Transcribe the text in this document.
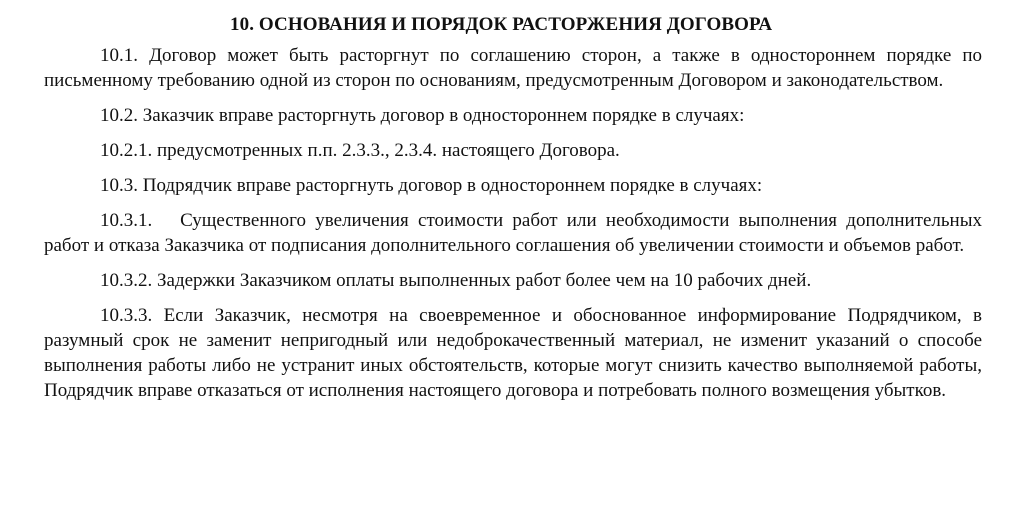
10. ОСНОВАНИЯ И ПОРЯДОК РАСТОРЖЕНИЯ ДОГОВОРА

10.1. Договор может быть расторгнут по соглашению сторон, а также в одностороннем порядке по письменному требованию одной из сторон по основаниям, предусмотренным Договором и законодательством.

10.2. Заказчик вправе расторгнуть договор в одностороннем порядке в случаях:

10.2.1. предусмотренных п.п. 2.3.3., 2.3.4. настоящего Договора.

10.3. Подрядчик вправе расторгнуть договор в одностороннем порядке в случаях:

10.3.1.   Существенного увеличения стоимости работ или необходимости выполнения дополнительных работ и отказа Заказчика от подписания дополнительного соглашения об увеличении стоимости и объемов работ.

10.3.2. Задержки Заказчиком оплаты выполненных работ более чем на 10 рабочих дней.

10.3.3. Если Заказчик, несмотря на своевременное и обоснованное информирование Подрядчиком, в разумный срок не заменит непригодный или недоброкачественный материал, не изменит указаний о способе выполнения работы либо не устранит иных обстоятельств, которые могут снизить качество выполняемой работы, Подрядчик вправе отказаться от исполнения настоящего договора и потребовать полного возмещения убытков.
